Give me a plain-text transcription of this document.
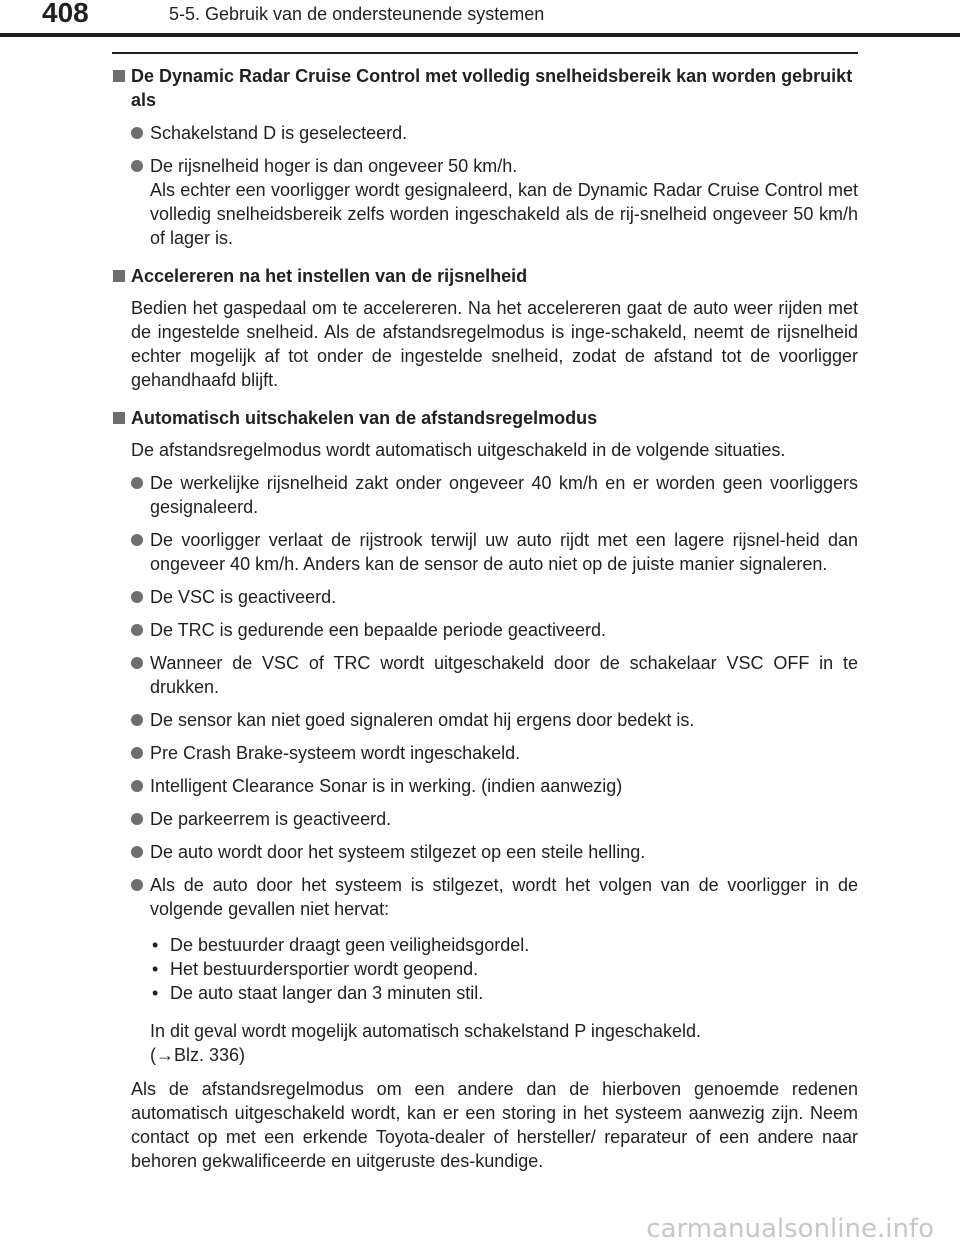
408	5-5. Gebruik van de ondersteunende systemen
De Dynamic Radar Cruise Control met volledig snelheidsbereik kan worden gebruikt als
Schakelstand D is geselecteerd.
De rijsnelheid hoger is dan ongeveer 50 km/h.
Als echter een voorligger wordt gesignaleerd, kan de Dynamic Radar Cruise Control met volledig snelheidsbereik zelfs worden ingeschakeld als de rij-snelheid ongeveer 50 km/h of lager is.
Accelereren na het instellen van de rijsnelheid
Bedien het gaspedaal om te accelereren. Na het accelereren gaat de auto weer rijden met de ingestelde snelheid. Als de afstandsregelmodus is inge-schakeld, neemt de rijsnelheid echter mogelijk af tot onder de ingestelde snelheid, zodat de afstand tot de voorligger gehandhaafd blijft.
Automatisch uitschakelen van de afstandsregelmodus
De afstandsregelmodus wordt automatisch uitgeschakeld in de volgende situaties.
De werkelijke rijsnelheid zakt onder ongeveer 40 km/h en er worden geen voorliggers gesignaleerd.
De voorligger verlaat de rijstrook terwijl uw auto rijdt met een lagere rijsnel-heid dan ongeveer 40 km/h. Anders kan de sensor de auto niet op de juiste manier signaleren.
De VSC is geactiveerd.
De TRC is gedurende een bepaalde periode geactiveerd.
Wanneer de VSC of TRC wordt uitgeschakeld door de schakelaar VSC OFF in te drukken.
De sensor kan niet goed signaleren omdat hij ergens door bedekt is.
Pre Crash Brake-systeem wordt ingeschakeld.
Intelligent Clearance Sonar is in werking. (indien aanwezig)
De parkeerrem is geactiveerd.
De auto wordt door het systeem stilgezet op een steile helling.
Als de auto door het systeem is stilgezet, wordt het volgen van de voorligger in de volgende gevallen niet hervat:
• De bestuurder draagt geen veiligheidsgordel.
• Het bestuurdersportier wordt geopend.
• De auto staat langer dan 3 minuten stil.
In dit geval wordt mogelijk automatisch schakelstand P ingeschakeld.
(→Blz. 336)
Als de afstandsregelmodus om een andere dan de hierboven genoemde redenen automatisch uitgeschakeld wordt, kan er een storing in het systeem aanwezig zijn. Neem contact op met een erkende Toyota-dealer of hersteller/ reparateur of een andere naar behoren gekwalificeerde en uitgeruste des-kundige.
carmanualsonline.info
